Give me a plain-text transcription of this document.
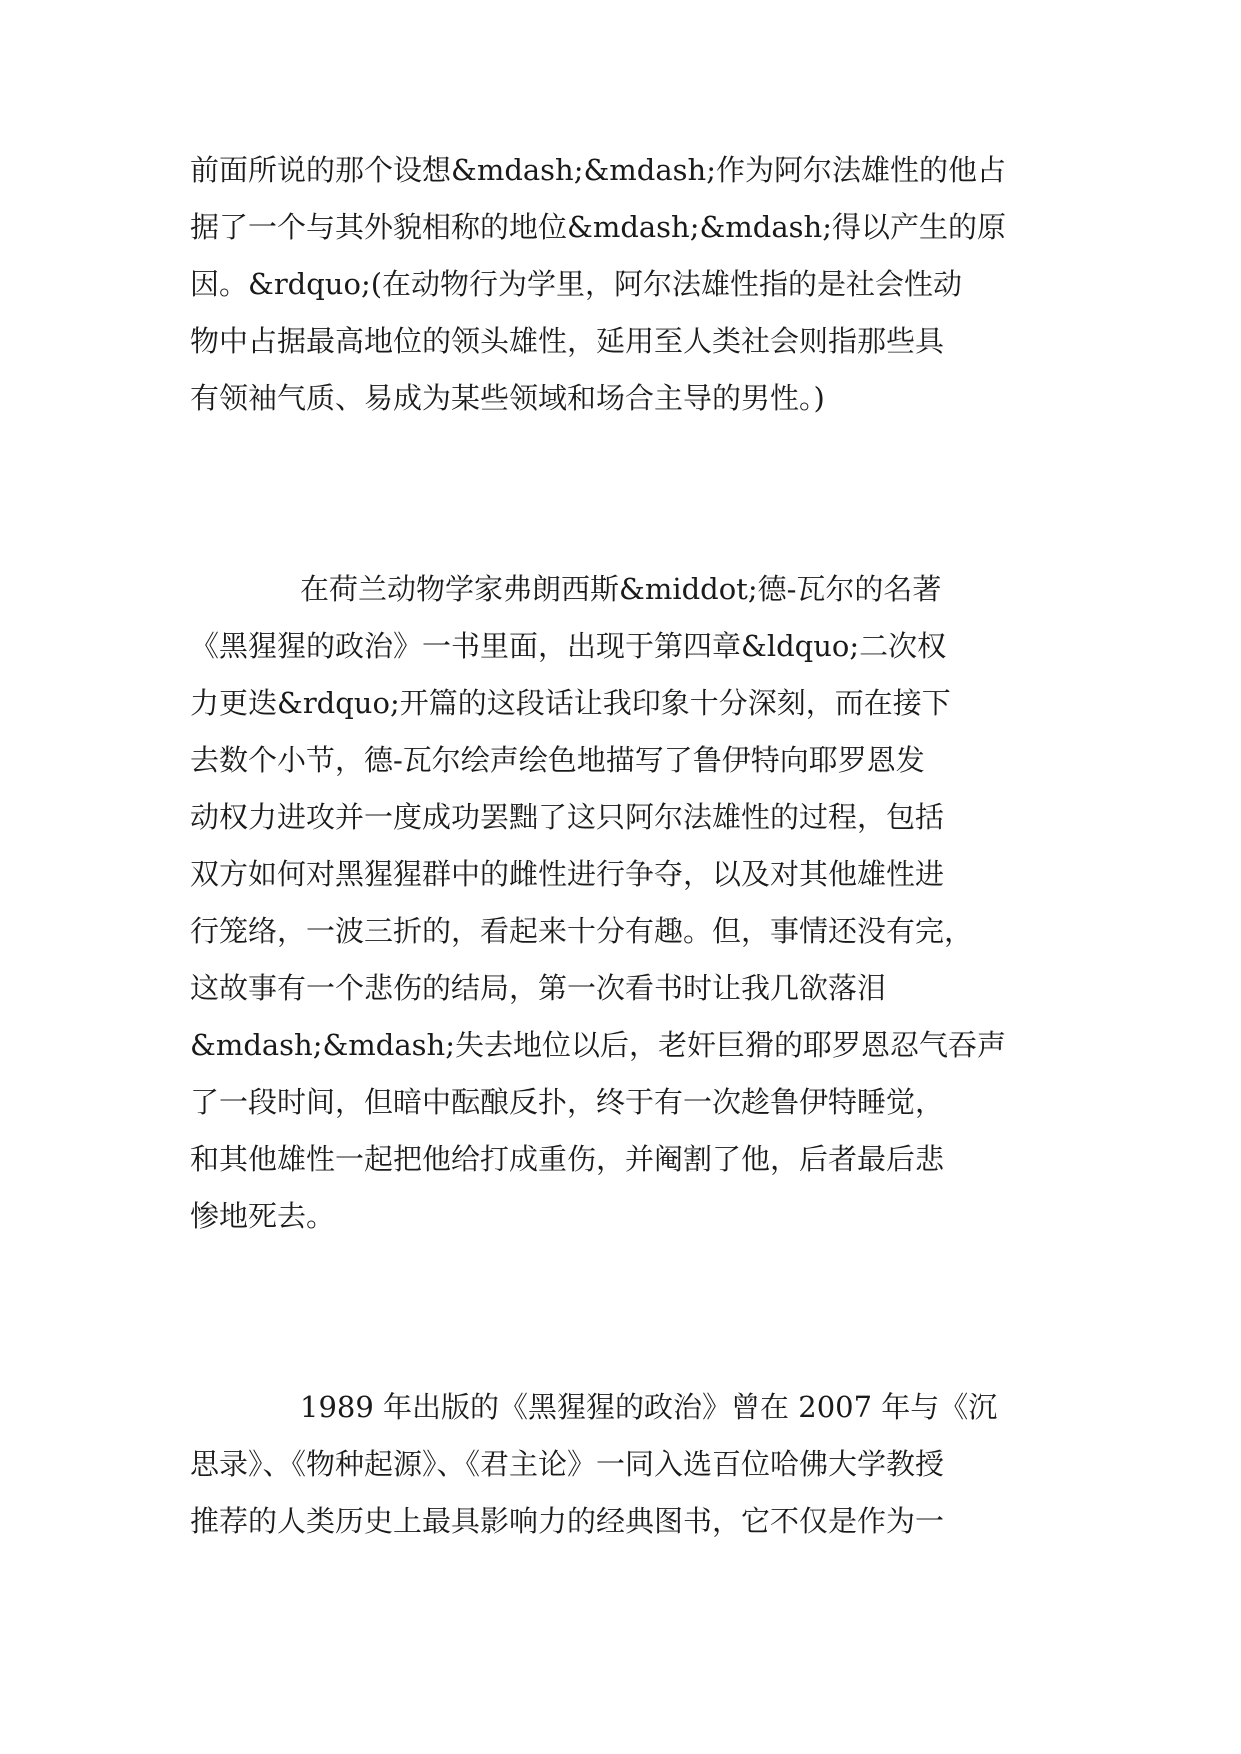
前面所说的那个设想&mdash;&mdash;作为阿尔法雄性的他占
据了一个与其外貌相称的地位&mdash;&mdash;得以产生的原
因。&rdquo;(在动物行为学里，阿尔法雄性指的是社会性动
物中占据最高地位的领头雄性，延用至人类社会则指那些具
有领袖气质、易成为某些领域和场合主导的男性。)
在荷兰动物学家弗朗西斯&middot;德-瓦尔的名著
《黑猩猩的政治》一书里面，出现于第四章&ldquo;二次权
力更迭&rdquo;开篇的这段话让我印象十分深刻，而在接下
去数个小节，德-瓦尔绘声绘色地描写了鲁伊特向耶罗恩发
动权力进攻并一度成功罢黜了这只阿尔法雄性的过程，包括
双方如何对黑猩猩群中的雌性进行争夺，以及对其他雄性进
行笼络，一波三折的，看起来十分有趣。但，事情还没有完，
这故事有一个悲伤的结局，第一次看书时让我几欲落泪
&mdash;&mdash;失去地位以后，老奸巨猾的耶罗恩忍气吞声
了一段时间，但暗中酝酿反扑，终于有一次趁鲁伊特睡觉，
和其他雄性一起把他给打成重伤，并阉割了他，后者最后悲
惨地死去。
1989 年出版的《黑猩猩的政治》曾在 2007 年与《沉
思录》、《物种起源》、《君主论》一同入选百位哈佛大学教授
推荐的人类历史上最具影响力的经典图书，它不仅是作为一
